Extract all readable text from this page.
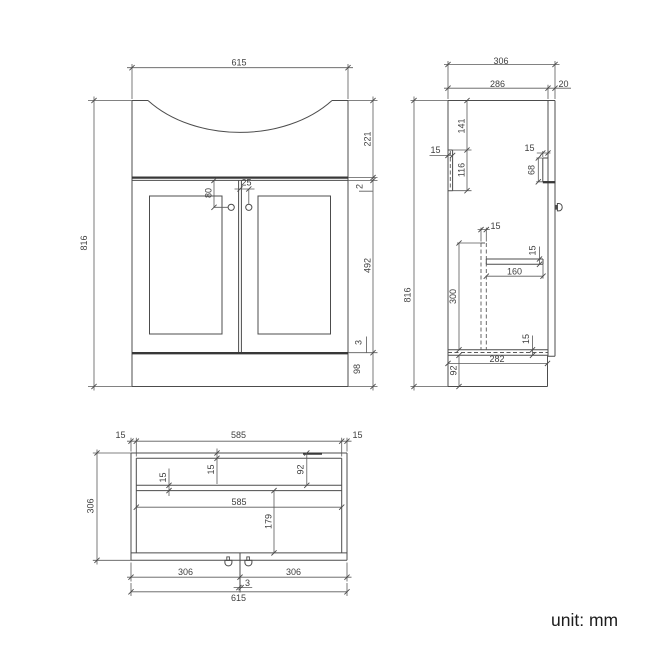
615
816
221
2
492
3
98
80
25
306
286	20
816
141
15
116
15
68
15
300
15
160
15
282
92
15	585	15
306
15
15
92
585
179
306	306
3
615
unit: mm
